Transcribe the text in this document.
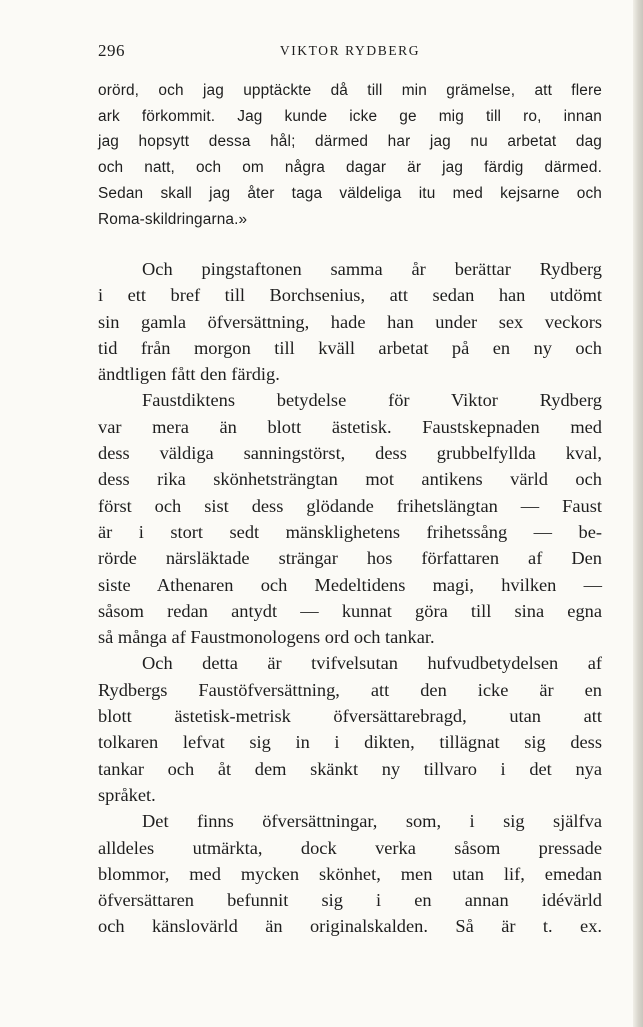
296	VIKTOR RYDBERG
orörd, och jag upptäckte då till min grämelse, att flere
ark förkommit. Jag kunde icke ge mig till ro, innan
jag hopsytt dessa hål; därmed har jag nu arbetat dag
och natt, och om några dagar är jag färdig därmed.
Sedan skall jag åter taga väldeliga itu med kejsarne och
Roma-skildringarna.»
Och pingstaftonen samma år berättar Rydberg
i ett bref till Borchsenius, att sedan han utdömt
sin gamla öfversättning, hade han under sex veckors
tid från morgon till kväll arbetat på en ny och
ändtligen fått den färdig.
Faustdiktens betydelse för Viktor Rydberg
var mera än blott ästetisk. Faustskepnaden med
dess väldiga sanningstörst, dess grubbelfyllda kval,
dess rika skönhetsträngtan mot antikens värld och
först och sist dess glödande frihetslängtan — Faust
är i stort sedt mänsklighetens frihetssång — be-
rörde närsläktade strängar hos författaren af Den
siste Athenaren och Medeltidens magi, hvilken —
såsom redan antydt — kunnat göra till sina egna
så många af Faustmonologens ord och tankar.
Och detta är tvifvelsutan hufvudbetydelsen af
Rydbergs Faustöfversättning, att den icke är en
blott ästetisk-metrisk öfversättarebragd, utan att
tolkaren lefvat sig in i dikten, tillägnat sig dess
tankar och åt dem skänkt ny tillvaro i det nya
språket.
Det finns öfversättningar, som, i sig själfva
alldeles utmärkta, dock verka såsom pressade
blommor, med mycken skönhet, men utan lif, emedan
öfversättaren befunnit sig i en annan idévärld
och känslovärld än originalskalden. Så är t. ex.
